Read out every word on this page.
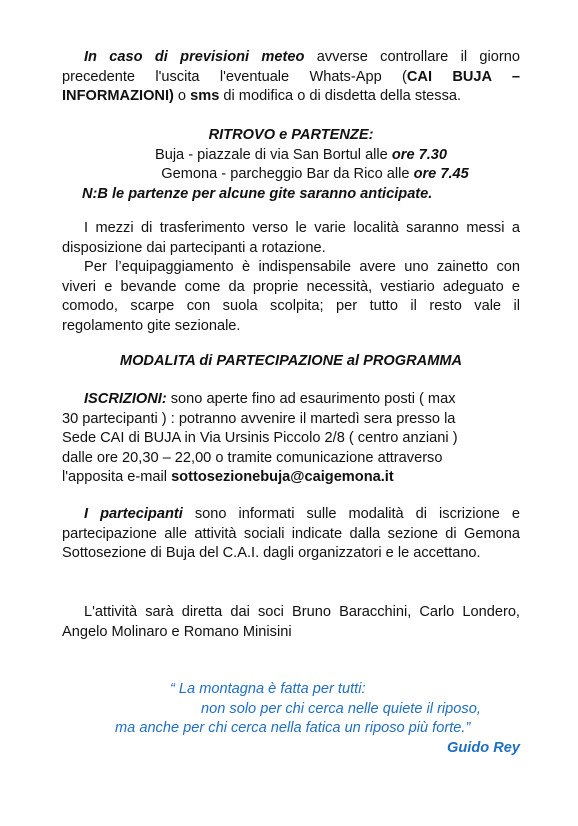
In caso di previsioni meteo avverse controllare il giorno precedente l'uscita l'eventuale Whats-App (CAI BUJA – INFORMAZIONI) o sms di modifica o di disdetta della stessa.
RITROVO e PARTENZE:
Buja - piazzale di via San Bortul alle ore 7.30
Gemona - parcheggio Bar da Rico alle ore 7.45
N:B le partenze per alcune gite saranno anticipate.
I mezzi di trasferimento verso le varie località saranno messi a disposizione dai partecipanti a rotazione.
Per l’equipaggiamento è indispensabile avere uno zainetto con viveri e bevande come da proprie necessità, vestiario adeguato e comodo, scarpe con suola scolpita; per tutto il resto vale il regolamento gite sezionale.
MODALITA di PARTECIPAZIONE al PROGRAMMA
ISCRIZIONI: sono aperte fino ad esaurimento posti ( max
30 partecipanti ) : potranno avvenire il martedì sera presso la
Sede CAI di BUJA in Via Ursinis Piccolo 2/8 ( centro anziani )
dalle ore 20,30 – 22,00 o tramite comunicazione attraverso
l'apposita e-mail sottosezionebuja@caigemona.it
I partecipanti sono informati sulle modalità di iscrizione e partecipazione alle attività sociali indicate dalla sezione di Gemona Sottosezione di Buja del C.A.I. dagli organizzatori e le accettano.
L'attività sarà diretta dai soci Bruno Baracchini, Carlo Londero, Angelo Molinaro e Romano Minisini
“ La montagna è fatta per tutti:
non solo per chi cerca nelle quiete il riposo,
ma anche per chi cerca nella fatica un riposo più forte.”
Guido Rey
